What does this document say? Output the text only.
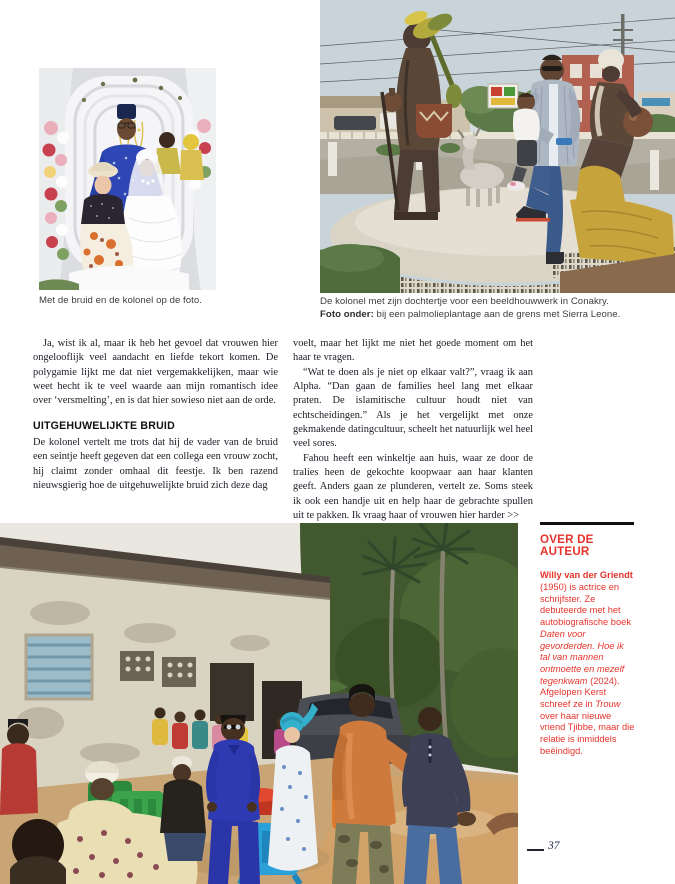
Met de bruid en de kolonel op de foto.	De kolonel met zijn dochtertje voor een beeldhouwwerk in Conakry.
Foto onder: bij een palmolieplantage aan de grens met Sierra Leone.

Ja, wist ik al, maar ik heb het gevoel dat vrouwen hier ongelooflijk veel aandacht en liefde tekort komen. De polygamie lijkt me dat niet vergemakkelijken, maar wie weet hecht ik te veel waarde aan mijn romantisch idee over ‘versmelting’, en is dat hier sowieso niet aan de orde.

UITGEHUWELIJKTE BRUID

De kolonel vertelt me trots dat hij de vader van de bruid een seintje heeft gegeven dat een collega een vrouw zocht, hij claimt zonder omhaal dit feestje. Ik ben razend nieuwsgierig hoe de uitgehuwelijkte bruid zich deze dag

voelt, maar het lijkt me niet het goede moment om het haar te vragen.

“Wat te doen als je niet op elkaar valt?”, vraag ik aan Alpha. “Dan gaan de families heel lang met elkaar praten. De islamitische cultuur houdt niet van echtscheidingen.” Als je het vergelijkt met onze gekmakende datingcultuur, scheelt het natuurlijk wel heel veel sores.

Fahou heeft een winkeltje aan huis, waar ze door de tralies heen de gekochte koopwaar aan haar klanten geeft. Anders gaan ze plunderen, vertelt ze. Soms steek ik ook een handje uit en help haar de gebrachte spullen uit te pakken. Ik vraag haar of vrouwen hier harder >>

OVER DE
AUTEUR
Willy van der Griendt (1950) is actrice en schrijfster. Ze debuteerde met het autobiografische boek Daten voor gevorderden. Hoe ik tal van mannen ontmoette en mezelf tegenkwam (2024). Afgelopen Kerst schreef ze in Trouw over haar nieuwe vriend Tjibbe, maar die relatie is inmiddels beëindigd.
37
